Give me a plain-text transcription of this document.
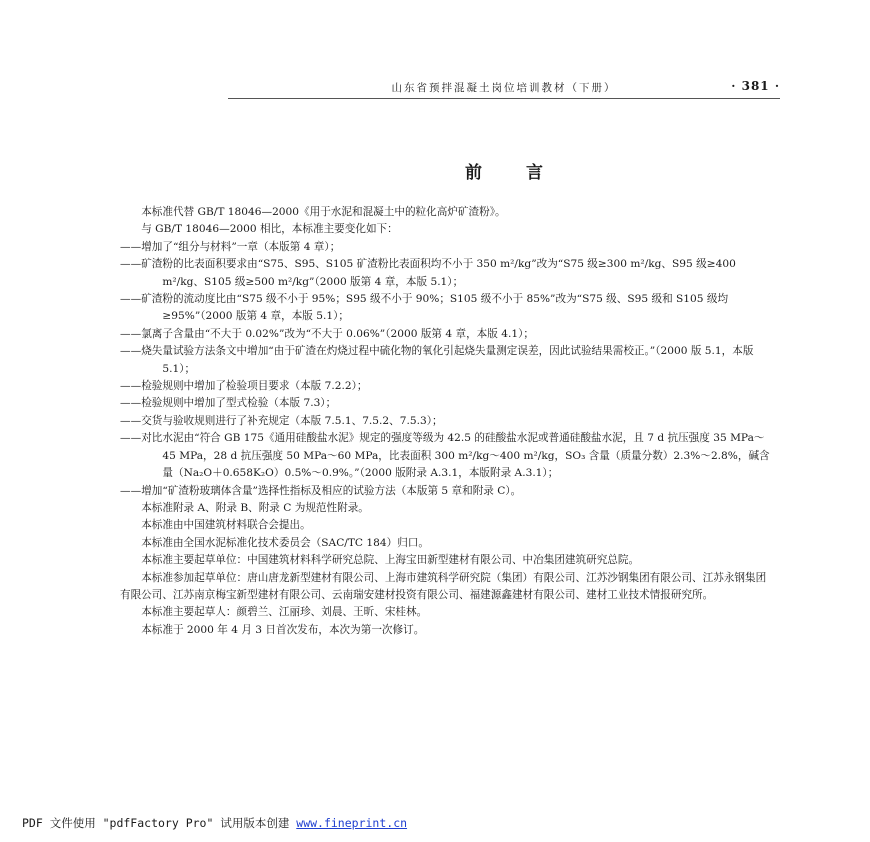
山东省预拌混凝土岗位培训教材（下册）	· 381 ·
前言

本标准代替 GB/T 18046—2000《用于水泥和混凝土中的粒化高炉矿渣粉》。

与 GB/T 18046—2000 相比，本标准主要变化如下：

——增加了“组分与材料”一章（本版第 4 章）；

——矿渣粉的比表面积要求由“S75、S95、S105 矿渣粉比表面积均不小于 350 m²/kg”改为“S75 级≥300 m²/kg、S95 级≥400 m²/kg、S105 级≥500 m²/kg”（2000 版第 4 章，本版 5.1）；

——矿渣粉的流动度比由“S75 级不小于 95%；S95 级不小于 90%；S105 级不小于 85%”改为“S75 级、S95 级和 S105 级均≥95%”（2000 版第 4 章，本版 5.1）；

——氯离子含量由“不大于 0.02%”改为“不大于 0.06%”（2000 版第 4 章，本版 4.1）；

——烧失量试验方法条文中增加“由于矿渣在灼烧过程中硫化物的氧化引起烧失量测定误差，因此试验结果需校正。”（2000 版 5.1，本版 5.1）；

——检验规则中增加了检验项目要求（本版 7.2.2）；

——检验规则中增加了型式检验（本版 7.3）；

——交货与验收规则进行了补充规定（本版 7.5.1、7.5.2、7.5.3）；

——对比水泥由“符合 GB 175《通用硅酸盐水泥》规定的强度等级为 42.5 的硅酸盐水泥或普通硅酸盐水泥，且 7 d 抗压强度 35 MPa～45 MPa，28 d 抗压强度 50 MPa～60 MPa，比表面积 300 m²/kg～400 m²/kg，SO₃ 含量（质量分数）2.3%～2.8%，碱含量（Na₂O＋0.658K₂O）0.5%～0.9%。”（2000 版附录 A.3.1，本版附录 A.3.1）；

——增加“矿渣粉玻璃体含量”选择性指标及相应的试验方法（本版第 5 章和附录 C）。

本标准附录 A、附录 B、附录 C 为规范性附录。

本标准由中国建筑材料联合会提出。

本标准由全国水泥标准化技术委员会（SAC/TC 184）归口。

本标准主要起草单位：中国建筑材料科学研究总院、上海宝田新型建材有限公司、中冶集团建筑研究总院。

本标准参加起草单位：唐山唐龙新型建材有限公司、上海市建筑科学研究院（集团）有限公司、江苏沙钢集团有限公司、江苏永钢集团有限公司、江苏南京梅宝新型建材有限公司、云南瑞安建材投资有限公司、福建源鑫建材有限公司、建材工业技术情报研究所。

本标准主要起草人：颜碧兰、江丽珍、刘晨、王昕、宋桂林。

本标准于 2000 年 4 月 3 日首次发布，本次为第一次修订。

PDF 文件使用 "pdfFactory Pro" 试用版本创建 www.fineprint.cn
